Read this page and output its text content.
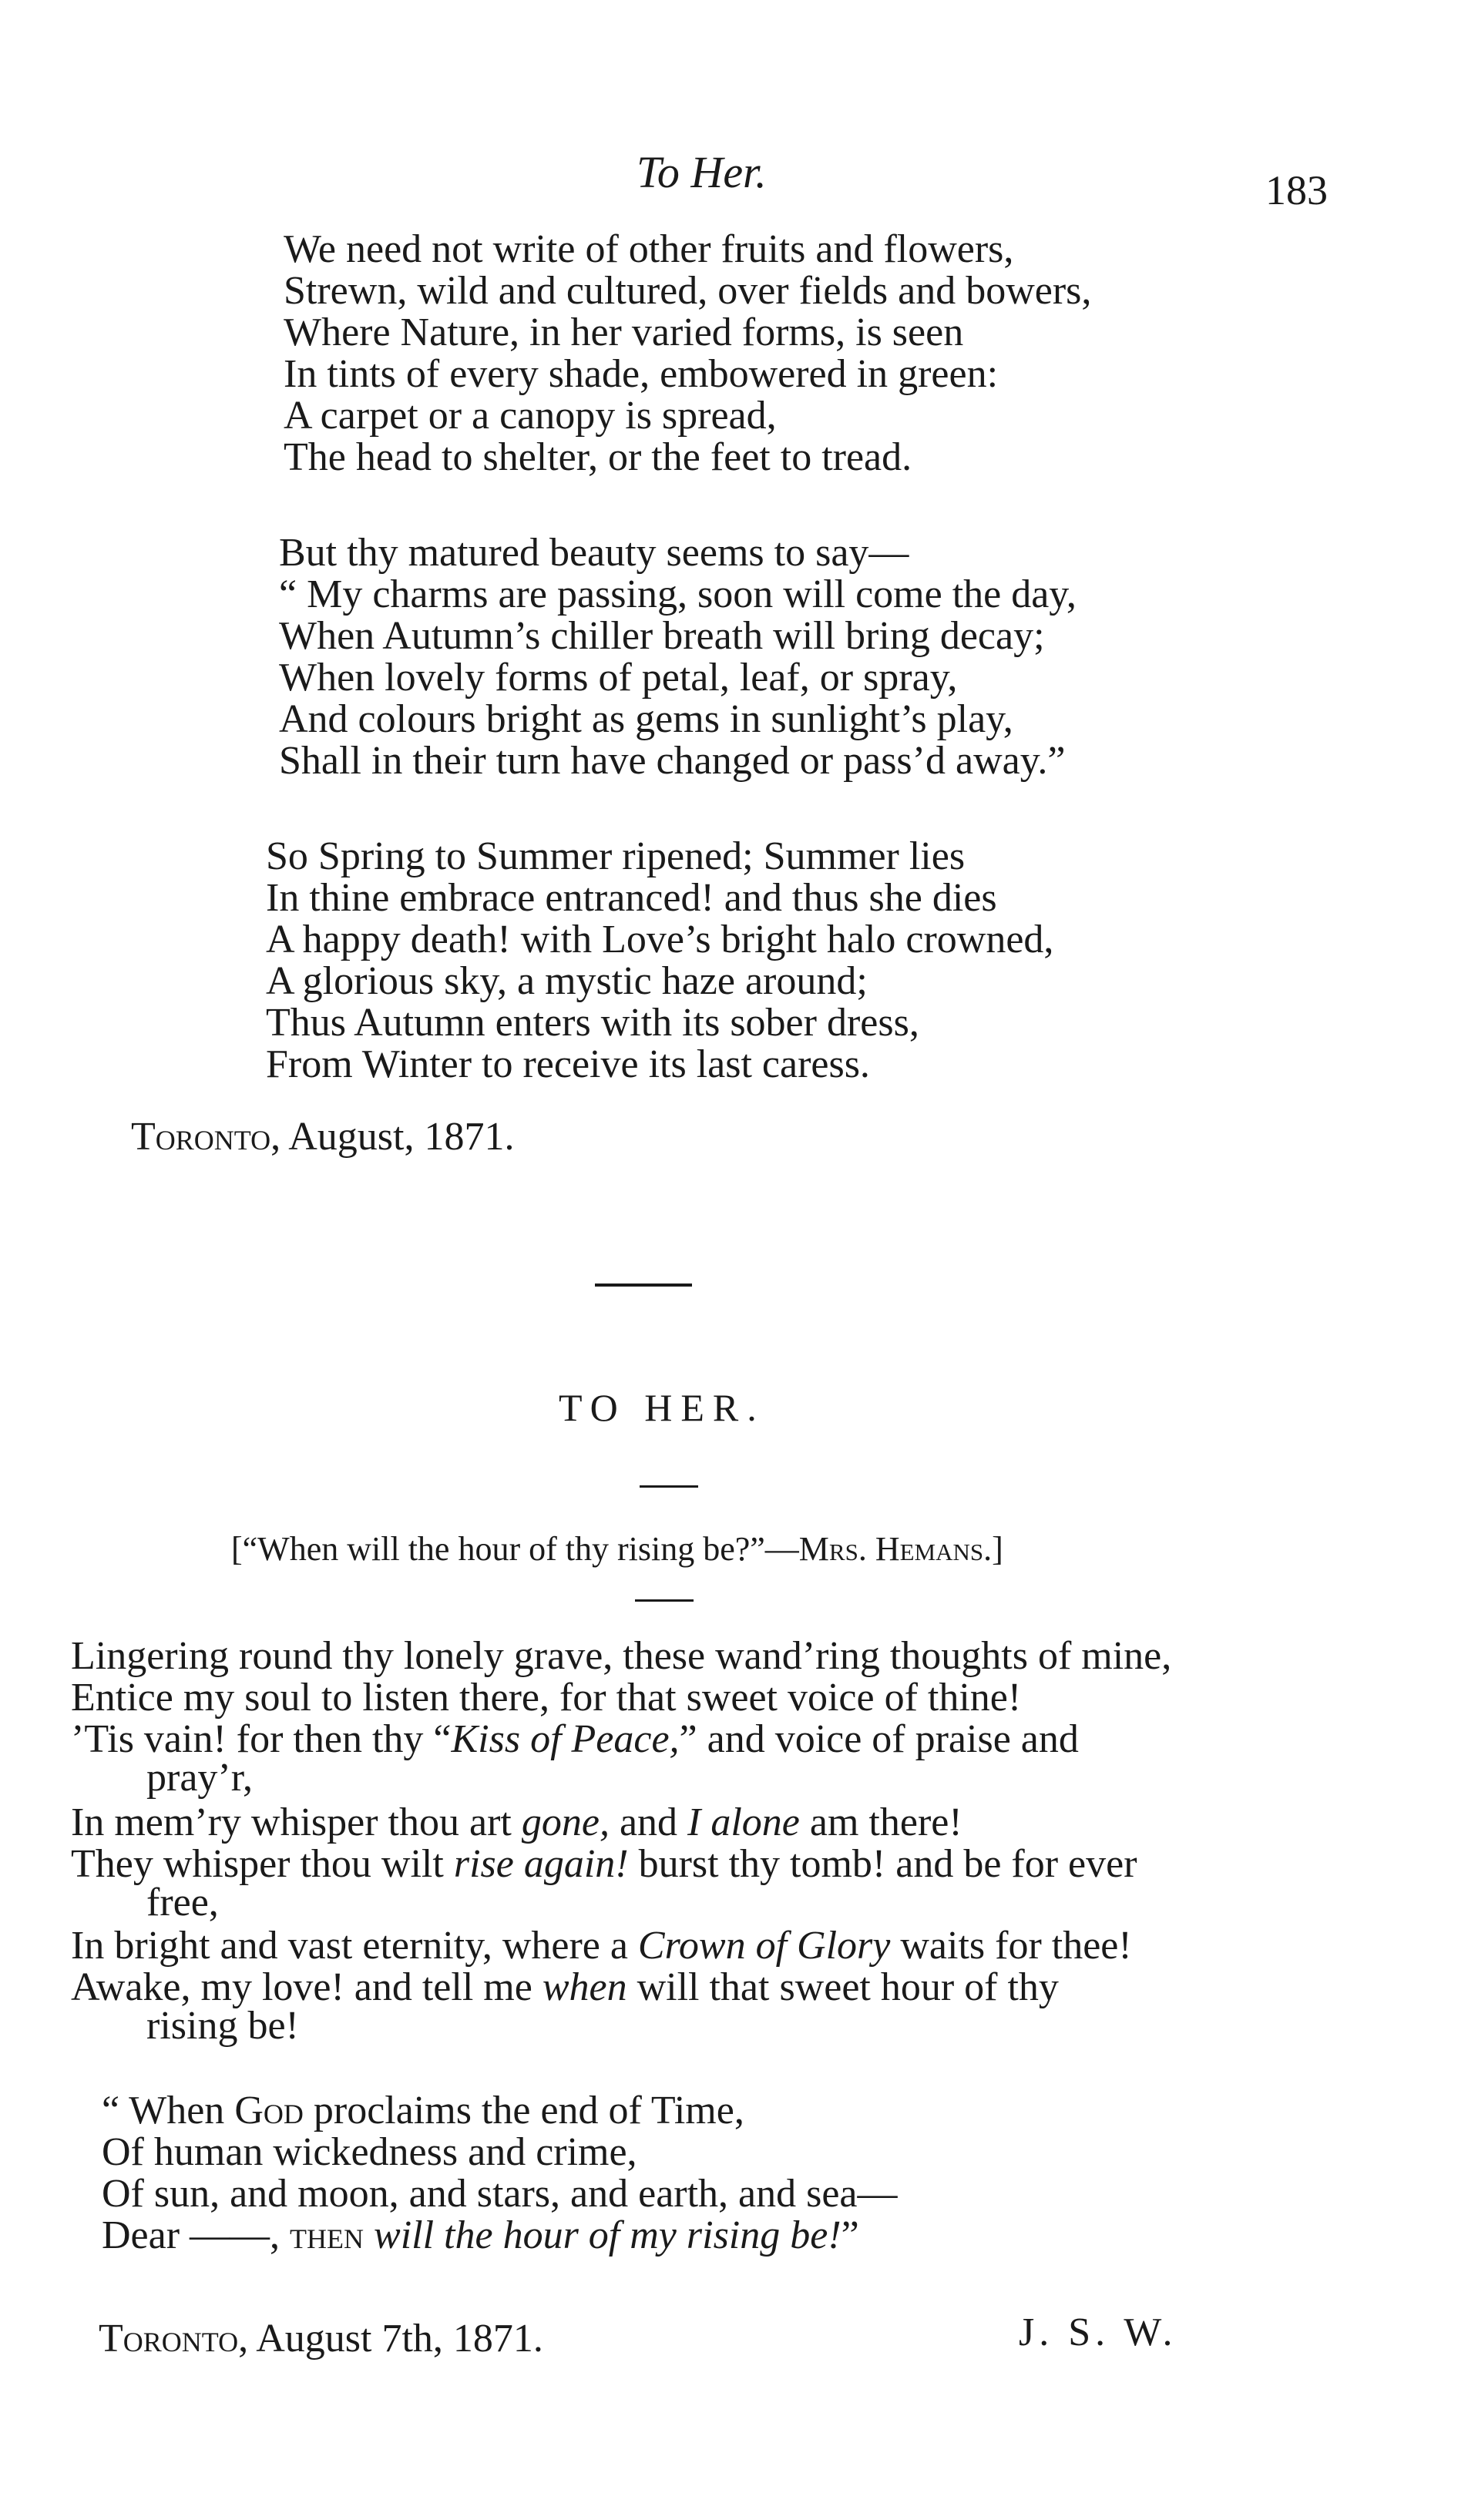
To Her.	183
We need not write of other fruits and flowers,
Strewn, wild and cultured, over fields and bowers,
Where Nature, in her varied forms, is seen
In tints of every shade, embowered in green:
A carpet or a canopy is spread,
The head to shelter, or the feet to tread.
But thy matured beauty seems to say—
“ My charms are passing, soon will come the day,
When Autumn’s chiller breath will bring decay;
When lovely forms of petal, leaf, or spray,
And colours bright as gems in sunlight’s play,
Shall in their turn have changed or pass’d away.”
So Spring to Summer ripened; Summer lies
In thine embrace entranced! and thus she dies
A happy death! with Love’s bright halo crowned,
A glorious sky, a mystic haze around;
Thus Autumn enters with its sober dress,
From Winter to receive its last caress.
Toronto, August, 1871.
TO HER.
[“When will the hour of thy rising be?”—Mrs. Hemans.]
Lingering round thy lonely grave, these wand’ring thoughts of mine,
Entice my soul to listen there, for that sweet voice of thine!
’Tis vain! for then thy “Kiss of Peace,” and voice of praise and
pray’r,
In mem’ry whisper thou art gone, and I alone am there!
They whisper thou wilt rise again! burst thy tomb! and be for ever
free,
In bright and vast eternity, where a Crown of Glory waits for thee!
Awake, my love! and tell me when will that sweet hour of thy
rising be!
“ When God proclaims the end of Time,
Of human wickedness and crime,
Of sun, and moon, and stars, and earth, and sea—
Dear ——, then will the hour of my rising be!”
Toronto, August 7th, 1871.	J. S. W.
